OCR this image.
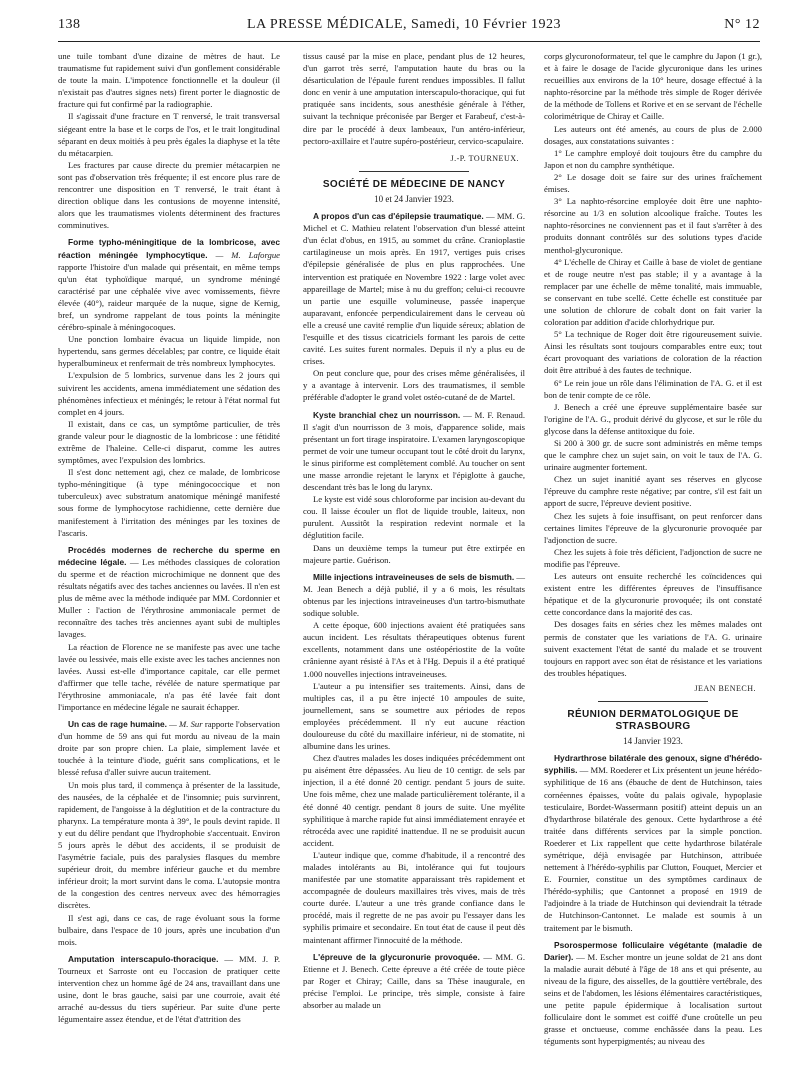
138	LA PRESSE MÉDICALE, Samedi, 10 Février 1923	N° 12

une tuile tombant d'une dizaine de mètres de haut. Le traumatisme fut rapidement suivi d'un gonflement considérable de toute la main. L'impotence fonctionnelle et la douleur (il n'existait pas d'autres signes nets) firent porter le diagnostic de fracture qui fut confirmé par la radiographie.

Il s'agissait d'une fracture en T renversé, le trait transversal siégeant entre la base et le corps de l'os, et le trait longitudinal séparant en deux moitiés à peu près égales la diaphyse et la tête du métacarpien.

Les fractures par cause directe du premier métacarpien ne sont pas d'observation très fréquente; il est encore plus rare de rencontrer une disposition en T renversé, le trait étant à direction oblique dans les contusions de moyenne intensité, alors que les traumatismes violents déterminent des fractures comminutives.

Forme typho-méningitique de la lombricose, avec réaction méningée lymphocytique. — M. Laforgue rapporte l'histoire d'un malade qui présentait, en même temps qu'un état typhoïdique marqué, un syndrome méningé caractérisé par une céphalée vive avec vomissements, fièvre élevée (40°), raideur marquée de la nuque, signe de Kernig, bref, un syndrome rappelant de tous points la méningite cérébro-spinale à méningocoques.

Une ponction lombaire évacua un liquide limpide, non hypertendu, sans germes décelables; par contre, ce liquide était hyperalbumineux et renfermait de très nombreux lymphocytes.

L'expulsion de 5 lombrics, survenue dans les 2 jours qui suivirent les accidents, amena immédiatement une sédation des phénomènes infectieux et méningés; le retour à l'état normal fut complet en 4 jours.

Il existait, dans ce cas, un symptôme particulier, de très grande valeur pour le diagnostic de la lombricose : une fétidité extrême de l'haleine. Celle-ci disparut, comme les autres symptômes, avec l'expulsion des lombrics.

Il s'est donc nettement agi, chez ce malade, de lombricose typho-méningitique (à type méningococcique et non tuberculeux) avec substratum anatomique méningé manifesté sous forme de lymphocytose rachidienne, cette dernière due manifestement à l'irritation des méninges par les toxines de l'ascaris.

Procédés modernes de recherche du sperme en médecine légale. — Les méthodes classiques de coloration du sperme et de réaction microchimique ne donnent que des résultats négatifs avec des taches anciennes ou lavées. Il n'en est plus de même avec la méthode indiquée par MM. Cordonnier et Muller : l'action de l'érythrosine ammoniacale permet de reconnaître des taches très anciennes ayant subi de multiples lavages.

La réaction de Florence ne se manifeste pas avec une tache lavée ou lessivée, mais elle existe avec les taches anciennes non lavées. Aussi est-elle d'importance capitale, car elle permet d'affirmer que telle tache, révélée de nature spermatique par l'érythrosine ammoniacale, n'a pas été lavée fait dont l'importance en médecine légale ne saurait échapper.

Un cas de rage humaine. — M. Sur rapporte l'observation d'un homme de 59 ans qui fut mordu au niveau de la main droite par son propre chien. La plaie, simplement lavée et touchée à la teinture d'iode, guérit sans complications, et le blessé refusa d'aller suivre aucun traitement.

Un mois plus tard, il commença à présenter de la lassitude, des nausées, de la céphalée et de l'insomnie; puis survinrent, rapidement, de l'angoisse à la déglutition et de la contracture du pharynx. La température monta à 39°, le pouls devint rapide. Il y eut du délire pendant que l'hydrophobie s'accentuait. Environ 5 jours après le début des accidents, il se produisit de l'asymétrie faciale, puis des paralysies flasques du membre supérieur droit, du membre inférieur gauche et du membre inférieur droit; la mort survint dans le coma. L'autopsie montra de la congestion des centres nerveux avec des hémorragies discrètes.

Il s'est agi, dans ce cas, de rage évoluant sous la forme bulbaire, dans l'espace de 10 jours, après une incubation d'un mois.

Amputation interscapulo-thoracique. — MM. J. P. Tourneux et Sarroste ont eu l'occasion de pratiquer cette intervention chez un homme âgé de 24 ans, travaillant dans une usine, dont le bras gauche, saisi par une courroie, avait été arraché au-dessus du tiers supérieur. Par suite d'une perte légumentaire assez étendue, et de l'état d'attrition des

tissus causé par la mise en place, pendant plus de 12 heures, d'un garrot très serré, l'amputation haute du bras ou la désarticulation de l'épaule furent rendues impossibles. Il fallut donc en venir à une amputation interscapulo-thoracique, qui fut pratiquée sans incidents, sous anesthésie générale à l'éther, suivant la technique préconisée par Berger et Farabeuf, c'est-à-dire par le procédé à deux lambeaux, l'un antéro-inférieur, pectoro-axillaire et l'autre supéro-postérieur, cervico-scapulaire.

J.-P. TOURNEUX.

SOCIÉTÉ DE MÉDECINE DE NANCY
10 et 24 Janvier 1923.

A propos d'un cas d'épilepsie traumatique. — MM. G. Michel et C. Mathieu relatent l'observation d'un blessé atteint d'un éclat d'obus, en 1915, au sommet du crâne. Cranioplastie cartilagineuse un mois après. En 1917, vertiges puis crises d'épilepsie généralisée de plus en plus rapprochées. Une intervention est pratiquée en Novembre 1922 : large volet avec appareillage de Martel; mise à nu du greffon; celui-ci recouvre un partie une esquille volumineuse, passée inaperçue auparavant, enfoncée perpendiculairement dans le cerveau où elle a creusé une cavité remplie d'un liquide séreux; ablation de l'esquille et des tissus cicatriciels formant les parois de cette cavité. Les suites furent normales. Depuis il n'y a plus eu de crises.

On peut conclure que, pour des crises même généralisées, il y a avantage à intervenir. Lors des traumatismes, il semble préférable d'adopter le grand volet ostéo-cutané de de Martel.

Kyste branchial chez un nourrisson. — M. F. Renaud. Il s'agit d'un nourrisson de 3 mois, d'apparence solide, mais présentant un fort tirage inspiratoire. L'examen laryngoscopique permet de voir une tumeur occupant tout le côté droit du larynx, le sinus piriforme est complètement comblé. Au toucher on sent une masse arrondie rejetant le larynx et l'épiglotte à gauche, descendant très bas le long du larynx.

Le kyste est vidé sous chloroforme par incision au-devant du cou. Il laisse écouler un flot de liquide trouble, laiteux, non purulent. Aussitôt la respiration redevint normale et la déglutition facile.

Dans un deuxième temps la tumeur put être extirpée en majeure partie. Guérison.

Mille injections intraveineuses de sels de bismuth. — M. Jean Benech a déjà publié, il y a 6 mois, les résultats obtenus par les injections intraveineuses d'un tartro-bismuthate sodique soluble.

A cette époque, 600 injections avaient été pratiquées sans aucun incident. Les résultats thérapeutiques obtenus furent excellents, notamment dans une ostéopériostite de la voûte crânienne ayant résisté à l'As et à l'Hg. Depuis il a été pratiqué 1.000 nouvelles injections intraveineuses.

L'auteur a pu intensifier ses traitements. Ainsi, dans de multiples cas, il a pu être injecté 10 ampoules de suite, journellement, sans se soumettre aux périodes de repos employées précédemment. Il n'y eut aucune réaction douloureuse du côté du maxillaire inférieur, ni de stomatite, ni albumine dans les urines.

Chez d'autres malades les doses indiquées précédemment ont pu aisément être dépassées. Au lieu de 10 centigr. de sels par injection, il a été donné 20 centigr. pendant 5 jours de suite. Une fois même, chez une malade particulièrement tolérante, il a été donné 40 centigr. pendant 8 jours de suite. Une myélite syphilitique à marche rapide fut ainsi immédiatement enrayée et rétrocéda avec une rapidité inattendue. Il ne se produisit aucun accident.

L'auteur indique que, comme d'habitude, il a rencontré des malades intolérants au Bi, intolérance qui fut toujours manifestée par une stomatite apparaissant très rapidement et accompagnée de douleurs maxillaires très vives, mais de très courte durée. L'auteur a une très grande confiance dans le procédé, mais il regrette de ne pas avoir pu l'essayer dans les syphilis primaire et secondaire. En tout état de cause il peut dès maintenant affirmer l'innocuité de la méthode.

L'épreuve de la glycuronurie provoquée. — MM. G. Etienne et J. Benech. Cette épreuve a été créée de toute pièce par Roger et Chiray; Caille, dans sa Thèse inaugurale, en précise l'emploi. Le principe, très simple, consiste à faire absorber au malade un

corps glycuronoformateur, tel que le camphre du Japon (1 gr.), et à faire le dosage de l'acide glycuronique dans les urines recueillies aux environs de la 10° heure, dosage effectué à la naphto-résorcine par la méthode très simple de Roger dérivée de la méthode de Tollens et Rorive et en se servant de l'échelle colorimétrique de Chiray et Caille.

Les auteurs ont été amenés, au cours de plus de 2.000 dosages, aux constatations suivantes :

1° Le camphre employé doit toujours être du camphre du Japon et non du camphre synthétique.

2° Le dosage doit se faire sur des urines fraîchement émises.

3° La naphto-résorcine employée doit être une naphto-résorcine au 1/3 en solution alcoolique fraîche. Toutes les naphto-résorcines ne conviennent pas et il faut s'arrêter à des produits donnant contrôlés sur des solutions types d'acide menthol-glycuronique.

4° L'échelle de Chiray et Caille à base de violet de gentiane et de rouge neutre n'est pas stable; il y a avantage à la remplacer par une échelle de même tonalité, mais immuable, se conservant en tube scellé. Cette échelle est constituée par une solution de chlorure de cobalt dont on fait varier la coloration par addition d'acide chlorhydrique pur.

5° La technique de Roger doit être rigoureusement suivie. Ainsi les résultats sont toujours comparables entre eux; tout écart provoquant des variations de coloration de la réaction doit être attribué à des fautes de technique.

6° Le rein joue un rôle dans l'élimination de l'A. G. et il est bon de tenir compte de ce rôle.

J. Benech a créé une épreuve supplémentaire basée sur l'origine de l'A. G., produit dérivé du glycose, et sur le rôle du glycose dans la défense antitoxique du foie.

Si 200 à 300 gr. de sucre sont administrés en même temps que le camphre chez un sujet sain, on voit le taux de l'A. G. urinaire augmenter fortement.

Chez un sujet inanitié ayant ses réserves en glycose l'épreuve du camphre reste négative; par contre, s'il est fait un apport de sucre, l'épreuve devient positive.

Chez les sujets à foie insuffisant, on peut renforcer dans certaines limites l'épreuve de la glycuronurie provoquée par l'adjonction de sucre.

Chez les sujets à foie très déficient, l'adjonction de sucre ne modifie pas l'épreuve.

Les auteurs ont ensuite recherché les coïncidences qui existent entre les différentes épreuves de l'insuffisance hépatique et de la glycuronurie provoquée; ils ont constaté cette concordance dans la majorité des cas.

Des dosages faits en séries chez les mêmes malades ont permis de constater que les variations de l'A. G. urinaire suivent exactement l'état de santé du malade et se trouvent toujours en rapport avec son état de résistance et les variations des troubles hépatiques.

JEAN BENECH.

RÉUNION DERMATOLOGIQUE DE STRASBOURG
14 Janvier 1923.

Hydrarthrose bilatérale des genoux, signe d'hérédo-syphilis. — MM. Roederer et Lix présentent un jeune hérédo-syphilitique de 16 ans (ébauche de dent de Hutchinson, taies cornéennes épaisses, voûte du palais ogivale, hypoplasie testiculaire, Bordet-Wassermann positif) atteint depuis un an d'hydarthrose bilatérale des genoux. Cette hydarthrose a été traitée dans différents services par la simple ponction. Roederer et Lix rappellent que cette hydarthrose bilatérale symétrique, déjà envisagée par Hutchinson, attribuée nettement à l'hérédo-syphilis par Clutton, Fouquet, Mercier et E. Fournier, constitue un des symptômes cardinaux de l'hérédo-syphilis; que Cantonnet a proposé en 1919 de l'adjoindre à la triade de Hutchinson qui deviendrait la tétrade de Hutchinson-Cantonnet. Le malade est soumis à un traitement par le bismuth.

Psorospermose folliculaire végétante (maladie de Darier). — M. Escher montre un jeune soldat de 21 ans dont la maladie aurait débuté à l'âge de 18 ans et qui présente, au niveau de la figure, des aisselles, de la gouttière vertébrale, des seins et de l'abdomen, les lésions élémentaires caractéristiques, une petite papule épidermique à localisation surtout folliculaire dont le sommet est coiffé d'une croûtelle un peu grasse et onctueuse, comme enchâssée dans la peau. Les téguments sont hyperpigmentés; au niveau des
